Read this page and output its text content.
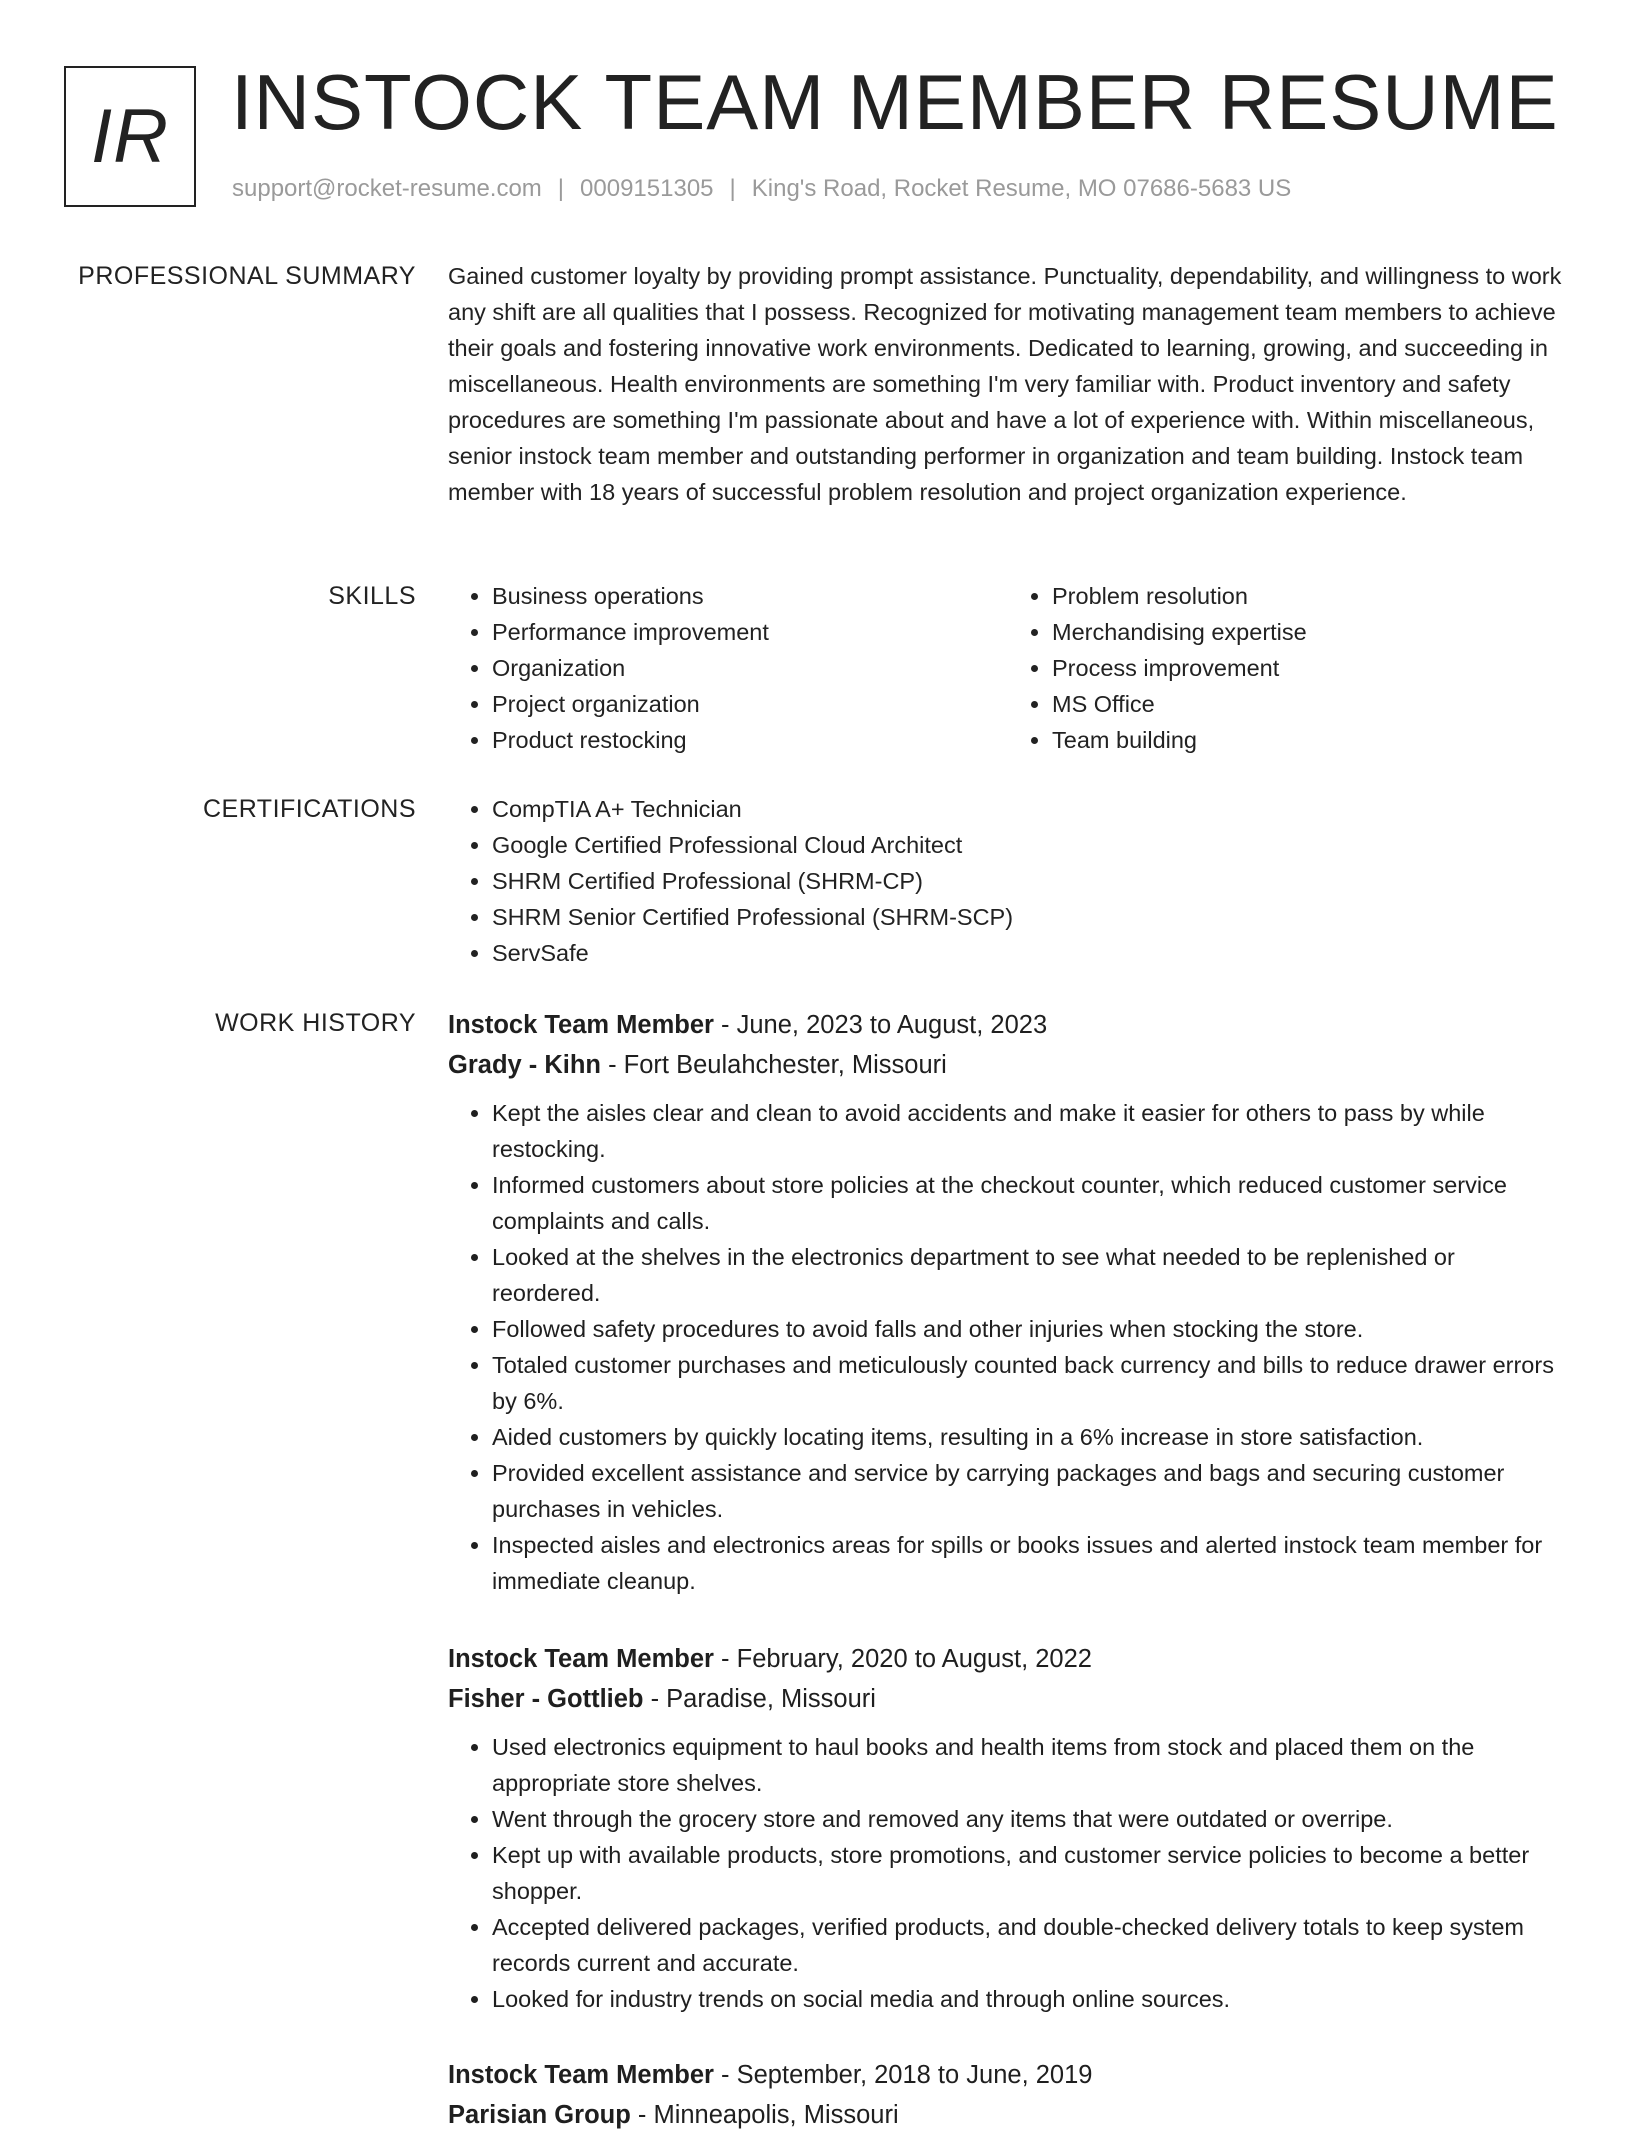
IR INSTOCK TEAM MEMBER RESUME
support@rocket-resume.com | 0009151305 | King's Road, Rocket Resume, MO 07686-5683 US
PROFESSIONAL SUMMARY Gained customer loyalty by providing prompt assistance. Punctuality, dependability, and willingness to work any shift are all qualities that I possess. Recognized for motivating management team members to achieve their goals and fostering innovative work environments. Dedicated to learning, growing, and succeeding in miscellaneous. Health environments are something I'm very familiar with. Product inventory and safety procedures are something I'm passionate about and have a lot of experience with. Within miscellaneous, senior instock team member and outstanding performer in organization and team building. Instock team member with 18 years of successful problem resolution and project organization experience.
SKILLS	• Business operations
• Performance improvement
• Organization
• Project organization
• Product restocking
• Problem resolution
• Merchandising expertise
• Process improvement
• MS Office
• Team building
CERTIFICATIONS	• CompTIA A+ Technician
• Google Certified Professional Cloud Architect
• SHRM Certified Professional (SHRM-CP)
• SHRM Senior Certified Professional (SHRM-SCP)
• ServSafe
WORK HISTORY Instock Team Member - June, 2023 to August, 2023
Grady - Kihn - Fort Beulahchester, Missouri
• Kept the aisles clear and clean to avoid accidents and make it easier for others to pass by while restocking.
• Informed customers about store policies at the checkout counter, which reduced customer service complaints and calls.
• Looked at the shelves in the electronics department to see what needed to be replenished or reordered.
• Followed safety procedures to avoid falls and other injuries when stocking the store.
• Totaled customer purchases and meticulously counted back currency and bills to reduce drawer errors by 6%.
• Aided customers by quickly locating items, resulting in a 6% increase in store satisfaction.
• Provided excellent assistance and service by carrying packages and bags and securing customer purchases in vehicles.
• Inspected aisles and electronics areas for spills or books issues and alerted instock team member for immediate cleanup.
Instock Team Member - February, 2020 to August, 2022
Fisher - Gottlieb - Paradise, Missouri
• Used electronics equipment to haul books and health items from stock and placed them on the appropriate store shelves.
• Went through the grocery store and removed any items that were outdated or overripe.
• Kept up with available products, store promotions, and customer service policies to become a better shopper.
• Accepted delivered packages, verified products, and double-checked delivery totals to keep system records current and accurate.
• Looked for industry trends on social media and through online sources.
Instock Team Member - September, 2018 to June, 2019
Parisian Group - Minneapolis, Missouri
